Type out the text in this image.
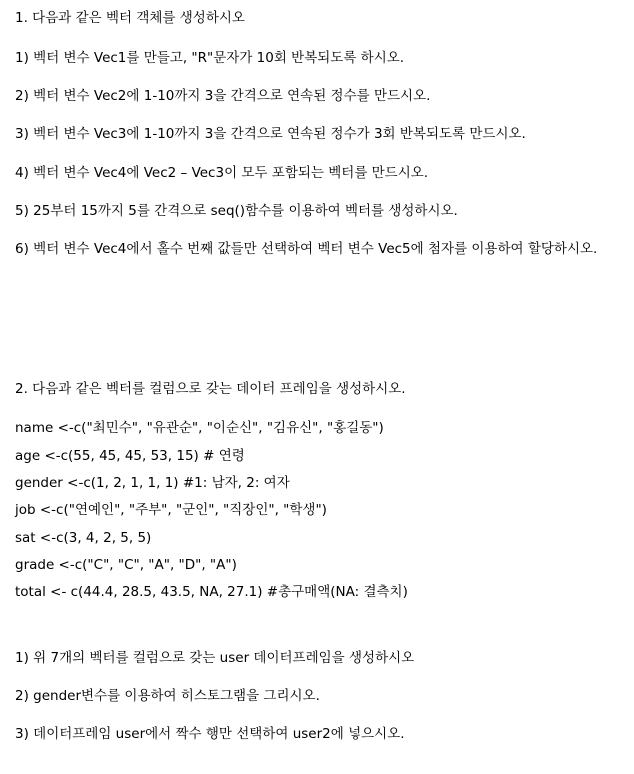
1. 다음과 같은 벡터 객체를 생성하시오
1) 벡터 변수 Vec1를 만들고, "R"문자가 10회 반복되도록 하시오.
2) 벡터 변수 Vec2에 1-10까지 3을 간격으로 연속된 정수를 만드시오.
3) 벡터 변수 Vec3에 1-10까지 3을 간격으로 연속된 정수가 3회 반복되도록 만드시오.
4) 벡터 변수 Vec4에 Vec2 – Vec3이 모두 포함되는 벡터를 만드시오.
5) 25부터 15까지 5를 간격으로 seq()함수를 이용하여 벡터를 생성하시오.
6) 벡터 변수 Vec4에서 홀수 번째 값들만 선택하여 벡터 변수 Vec5에 첨자를 이용하여 할당하시오.
2. 다음과 같은 벡터를 컬럼으로 갖는 데이터 프레임을 생성하시오.
name <-c("최민수", "유관순", "이순신", "김유신", "홍길동")
age <-c(55, 45, 45, 53, 15) # 연령
gender <-c(1, 2, 1, 1, 1) #1: 남자, 2: 여자
job <-c("연예인", "주부", "군인", "직장인", "학생")
sat <-c(3, 4, 2, 5, 5)
grade <-c("C", "C", "A", "D", "A")
total <- c(44.4, 28.5, 43.5, NA, 27.1) #총구매액(NA: 결측치)
1) 위 7개의 벡터를 컬럼으로 갖는 user 데이터프레임을 생성하시오
2) gender변수를 이용하여 히스토그램을 그리시오.
3) 데이터프레임 user에서 짝수 행만 선택하여 user2에 넣으시오.
